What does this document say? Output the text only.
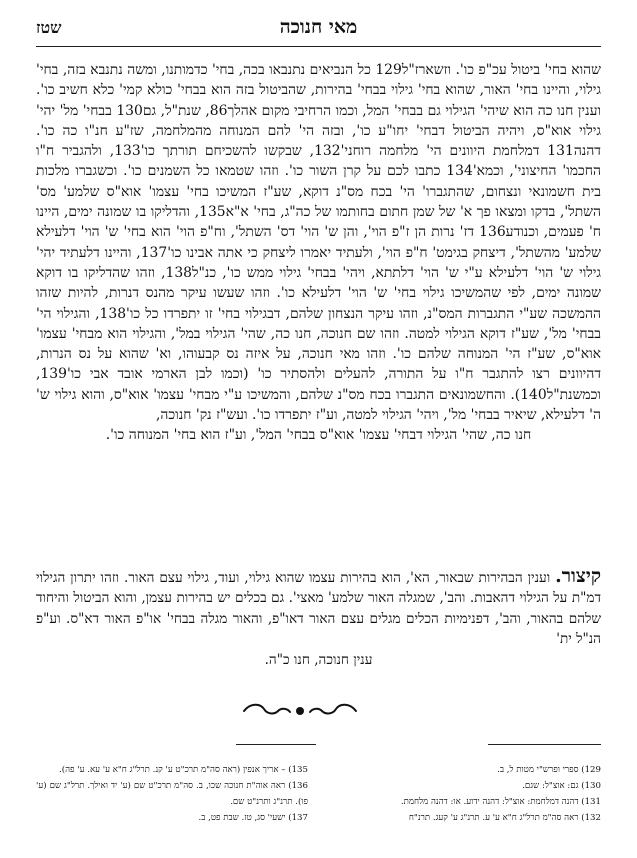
שטז	מאי חנוכה

שהוא בחי' ביטול עכ"פ כו'. וזשארז"ל129 כל הנביאים נתנבאו בכה, בחי' כדמותנו, ומשה נתנבא בזה, בחי' גילוי, והיינו בחי' האור, שהוא בחי' גילוי בבחי' בהירות, שהביטול בזה הוא בבחי' כולא קמי' כלא חשיב כו'. וענין חנו כה הוא שיהי' הגילוי גם בבחי' המל, וכמו הרחיבי מקום אהלך86, שנת"ל, גם130 בבחי' מל' יהי' גילוי אוא"ס, ויהיה הביטול דבחי' יחו"ע כו', ובזה הי' להם המנוחה מהמלחמה, שז"ע חנ"ו כה כו'. דהנה131 דמלחמת היוונים הי' מלחמה רוחני'132, שבקשו להשכיחם תורתך כו'133, ולהגביר ח"ו החכמו' החיצוני', וכמא'134 כתבו לכם על קרן השור כו'. וזהו שטמאו כל השמנים כו'. וכשגברו מלכות בית חשמונאי ונצחום, שהתגברו' הי' בכח מס"נ דוקא, שע"ז המשיכו בחי' עצמו' אוא"ס שלמע' מס' השתל', בדקו ומצאו פך א' של שמן חתום בחותמו של כה"ג, בחי' א"א135, והדליקו בו שמונה ימים, היינו ח' פעמים, וכנודע136 דז' נרות הן ז"פ הוי', והן ש' הוי' דס' השתל', וח"פ הוי' הוא בחי' ש' הוי' דלעילא שלמע' מהשתל', דיצחק בגימט' ח"פ הוי', ולעתיד יאמרו ליצחק כי אתה אבינו כו'137, והיינו דלעתיד יהי' גילוי ש' הוי' דלעילא ע"י ש' הוי' דלתתא, ויהי' בבחי' גילוי ממש כו', כנ"ל138, וזהו שהדליקו בו דוקא שמונה ימים, לפי שהמשיכו גילוי בחי' ש' הוי' דלעילא כו'. וזהו שעשו עיקר מהנס דנרות, להיות שזהו ההמשכה שע"י התגברות המס"נ, וזהו עיקר הנצחון שלהם, דבגילוי בחי' זו יתפרדו כל כו'138, והגילוי הי' בבחי' מל', שע"ז דוקא הגילוי למטה. וזהו שם חנוכה, חנו כה, שהי' הגילוי במל', והגילוי הוא מבחי' עצמו' אוא"ס, שע"ז הי' המנוחה שלהם כו'. וזהו מאי חנוכה, על איזה נס קבעוהו, וא' שהוא על נס הנרות, דהיוונים רצו להתגבר ח"ו על התורה, להעלים ולהסתיר כו' (וכמו לבן הארמי אובד אבי כו'139, וכמשנת"ל140). והחשמונאים התגברו בכח מס"נ שלהם, והמשיכו ע"י מבחי' עצמו' אוא"ס, והוא גילוי ש' ה' דלעילא, שיאיר בבחי' מל', ויהי' הגילוי למטה, וע"ז יתפרדו כו'. ועש"ז נק' חנוכה,

חנו כה, שהי' הגילוי דבחי' עצמו' אוא"ס בבחי' המל', וע"ז הוא בחי' המנוחה כו'.

קיצור. וענין הבהירות שבאור, הא', הוא בהירות עצמו שהוא גילוי, ועוד, גילוי עצם האור. וזהו יתרון הגילוי דמ"ת על הגילוי דהאבות. והב', שמגלה האור שלמע' מאצי'. גם בכלים יש בהירות עצמן, והוא הביטול והיחוד שלהם בהאור, והב', דפנימיות הכלים מגלים עצם האור דאו"פ, והאור מגלה בבחי' או"פ האור דא"ס. וע"פ הנ"ל ית'

ענין חנוכה, חנו כ"ה.

129) ספרי ופרש"י מטות ל, ב.

130) גם: אוצ"ל: שגם.

131) דהנה דמלחמת: אוצ"ל: דהנה ידוע. או: דהנה מלחמת.

132) ראה סה"מ תרל"ג ח"א ע' ע. תרנ"ג ע' קעג. תרנ"ח

135) – אריך אנפין (ראה סה"מ תרכ"ט ע' קנ. תרל"ג ח"א ע' עא. ע' פה).

136) ראה אוה"ת חנוכה שכו, ב. סה"מ תרכ"ט שם (ע' יד ואילך. תרל"ג שם (ע' פו). תרנ"ג ותרנ"ט שם.

137) ישעי' סג, טז. שבת פט, ב.
